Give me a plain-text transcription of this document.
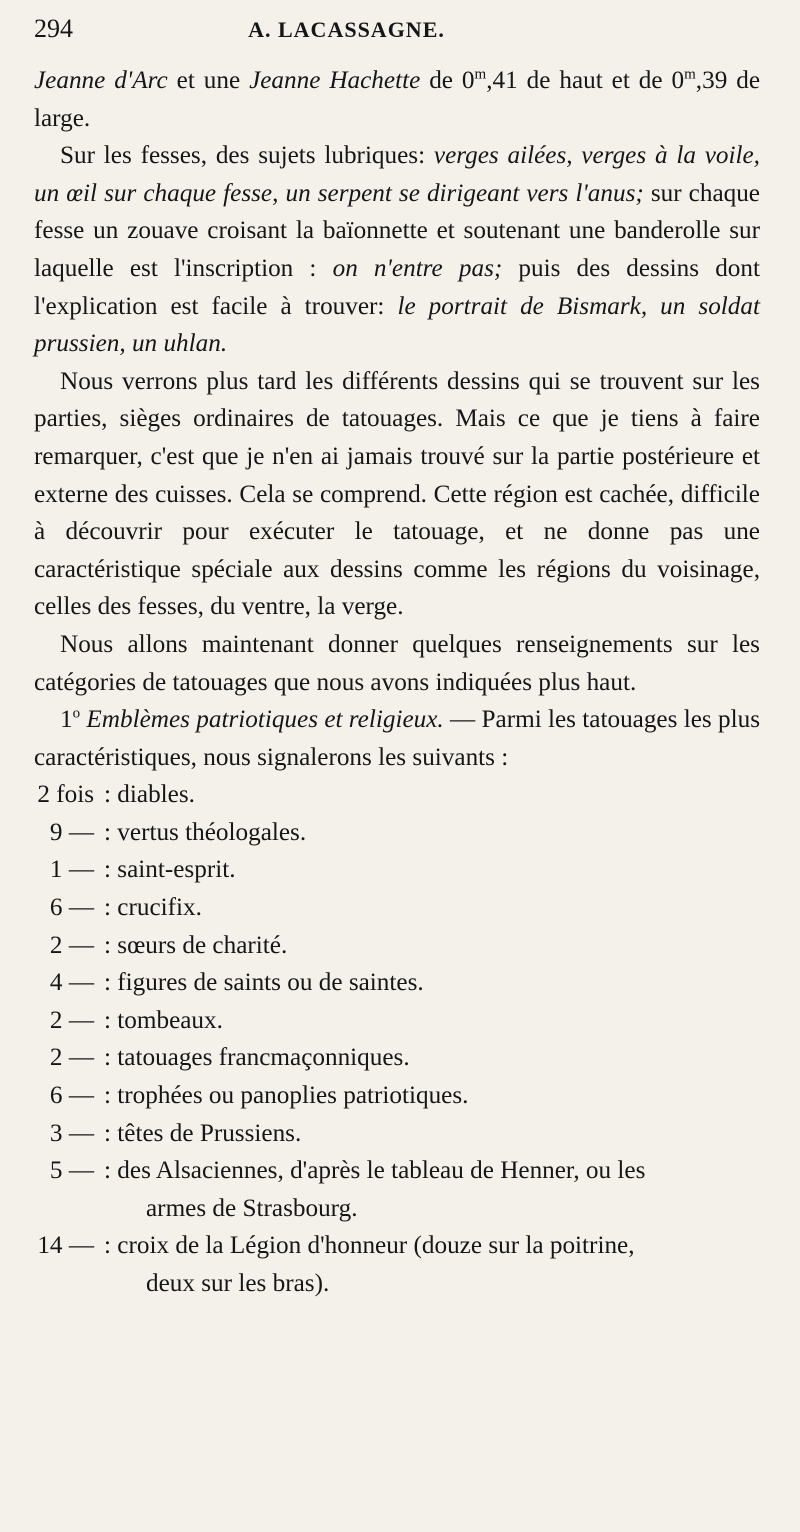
294	A. LACASSAGNE.

Jeanne d'Arc et une Jeanne Hachette de 0$^m$,41 de haut et de 0$^m$,39 de large.

Sur les fesses, des sujets lubriques: verges ailées, verges à la voile, un œil sur chaque fesse, un serpent se dirigeant vers l'anus; sur chaque fesse un zouave croisant la baïonnette et soutenant une banderolle sur laquelle est l'inscription : on n'entre pas; puis des dessins dont l'explication est facile à trouver: le portrait de Bismark, un soldat prussien, un uhlan.

Nous verrons plus tard les différents dessins qui se trouvent sur les parties, sièges ordinaires de tatouages. Mais ce que je tiens à faire remarquer, c'est que je n'en ai jamais trouvé sur la partie postérieure et externe des cuisses. Cela se comprend. Cette région est cachée, difficile à découvrir pour exécuter le tatouage, et ne donne pas une caractéristique spéciale aux dessins comme les régions du voisinage, celles des fesses, du ventre, la verge.

Nous allons maintenant donner quelques renseignements sur les catégories de tatouages que nous avons indiquées plus haut.

1$^o$ Emblèmes patriotiques et religieux. — Parmi les tatouages les plus caractéristiques, nous signalerons les suivants :

2 fois : diables.
9 — : vertus théologales.
1 — : saint-esprit.
6 — : crucifix.
2 — : sœurs de charité.
4 — : figures de saints ou de saintes.
2 — : tombeaux.
2 — : tatouages francmaçonniques.
6 — : trophées ou panoplies patriotiques.
3 — : têtes de Prussiens.
5 — : des Alsaciennes, d'après le tableau de Henner, ou les
armes de Strasbourg.
14 — : croix de la Légion d'honneur (douze sur la poitrine,
deux sur les bras).
